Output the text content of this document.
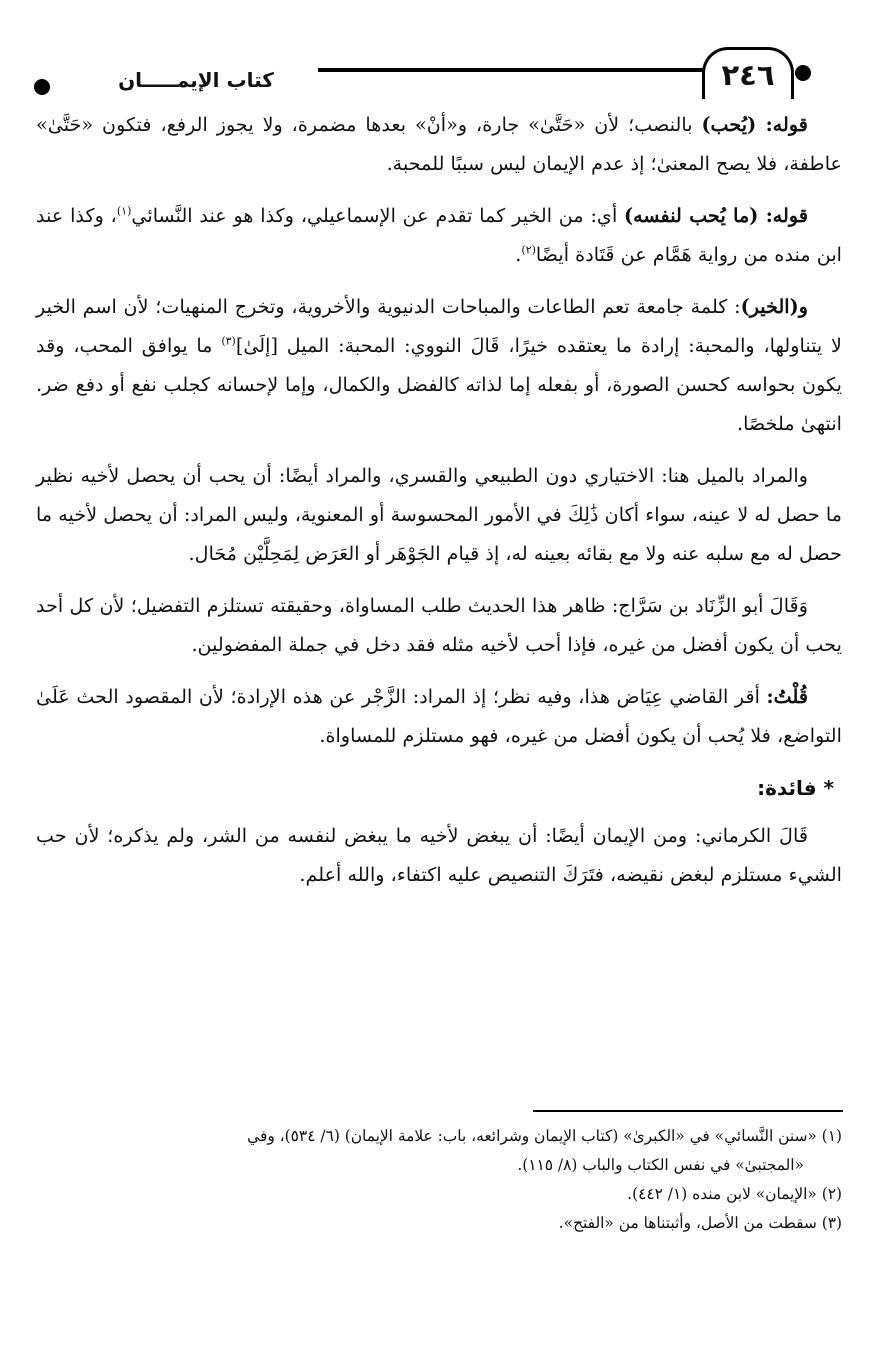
كتاب الإيمـــــان	٢٤٦

قوله: (يُحب) بالنصب؛ لأن «حَتَّىٰ» جارة، و«أنْ» بعدها مضمرة، ولا يجوز الرفع، فتكون «حَتَّىٰ» عاطفة، فلا يصح المعنىٰ؛ إذ عدم الإيمان ليس سببًا للمحبة.

قوله: (ما يُحب لنفسه) أي: من الخير كما تقدم عن الإسماعيلي، وكذا هو عند النَّسائي$^{(١)}$، وكذا عند ابن منده من رواية هَمَّام عن قَتَادة أيضًا$^{(٢)}$.

و(الخير): كلمة جامعة تعم الطاعات والمباحات الدنيوية والأخروية، وتخرج المنهيات؛ لأن اسم الخير لا يتناولها، والمحبة: إرادة ما يعتقده خيرًا، قَالَ النووي: المحبة: الميل [إلَىٰ]$^{(٣)}$ ما يوافق المحب، وقد يكون بحواسه كحسن الصورة، أو بفعله إما لذاته كالفضل والكمال، وإما لإحسانه كجلب نفع أو دفع ضر. انتهىٰ ملخصًا.

والمراد بالميل هنا: الاختياري دون الطبيعي والقسري، والمراد أيضًا: أن يحب أن يحصل لأخيه نظير ما حصل له لا عينه، سواء أكان ذَٰلِكَ في الأمور المحسوسة أو المعنوية، وليس المراد: أن يحصل لأخيه ما حصل له مع سلبه عنه ولا مع بقائه بعينه له، إذ قيام الجَوْهَر أو العَرَض لِمَحِلَّيْن مُحَال.

وَقَالَ أبو الزِّنَاد بن سَرَّاج: ظاهر هذا الحديث طلب المساواة، وحقيقته تستلزم التفضيل؛ لأن كل أحد يحب أن يكون أفضل من غيره، فإذا أحب لأخيه مثله فقد دخل في جملة المفضولين.

قُلْتُ: أقر القاضي عِيَاض هذا، وفيه نظر؛ إذ المراد: الزَّجْر عن هذه الإرادة؛ لأن المقصود الحث عَلَىٰ التواضع، فلا يُحب أن يكون أفضل من غيره، فهو مستلزم للمساواة.

* فائدة:

قَالَ الكرماني: ومن الإيمان أيضًا: أن يبغض لأخيه ما يبغض لنفسه من الشر، ولم يذكره؛ لأن حب الشيء مستلزم لبغض نقيضه، فتَرَكَ التنصيص عليه اكتفاء، والله أعلم.

(١) «سنن النَّسائي» في «الكبرىٰ» (كتاب الإيمان وشرائعه، باب: علامة الإيمان) (٦/ ٥٣٤)، وفي

«المجتبىٰ» في نفس الكتاب والباب (٨/ ١١٥).

(٢) «الإيمان» لابن منده (١/ ٤٤٢).

(٣) سقطت من الأصل، وأثبتناها من «الفتح».
